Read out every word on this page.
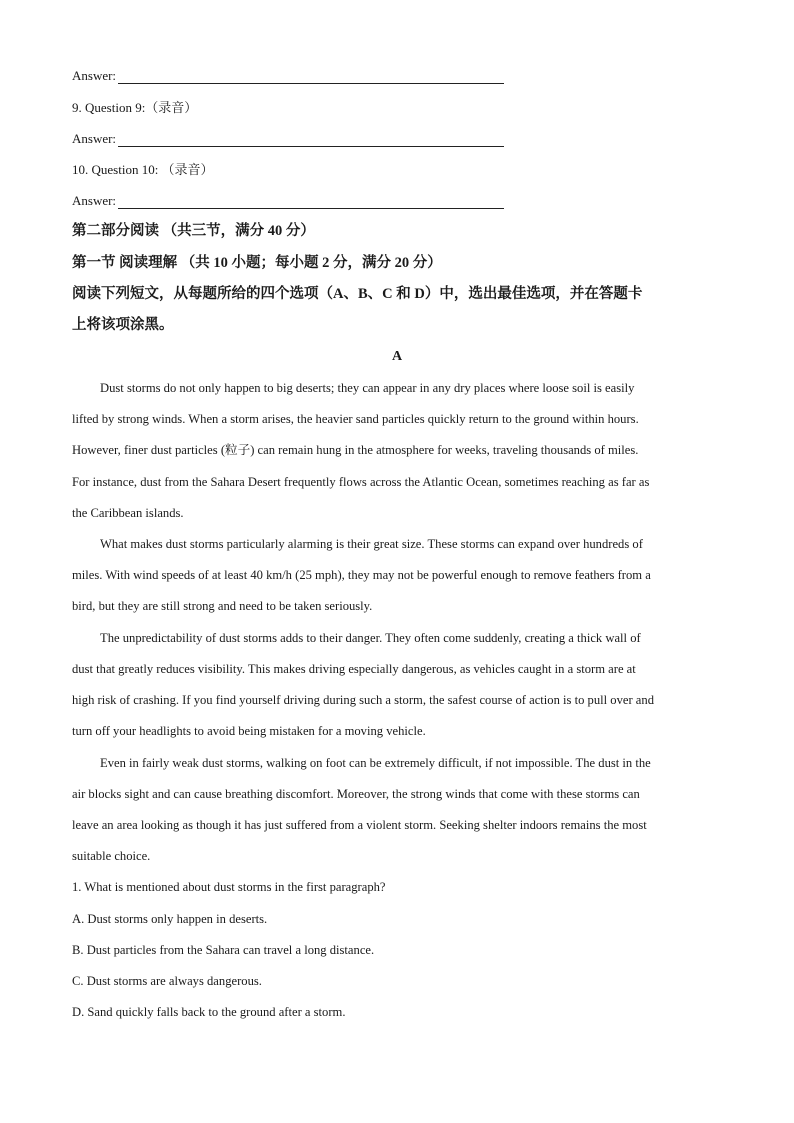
Answer:
9. Question 9:（录音）
Answer:
10. Question 10: （录音）
Answer:
第二部分阅读 （共三节，满分 40 分）
第一节 阅读理解 （共 10 小题；每小题 2 分，满分 20 分）
阅读下列短文，从每题所给的四个选项（A、B、C 和 D）中，选出最佳选项，并在答题卡
上将该项涂黑。
A
Dust storms do not only happen to big deserts; they can appear in any dry places where loose soil is easily
lifted by strong winds. When a storm arises, the heavier sand particles quickly return to the ground within hours.
However, finer dust particles (粒子) can remain hung in the atmosphere for weeks, traveling thousands of miles.
For instance, dust from the Sahara Desert frequently flows across the Atlantic Ocean, sometimes reaching as far as
the Caribbean islands.
What makes dust storms particularly alarming is their great size. These storms can expand over hundreds of
miles. With wind speeds of at least 40 km/h (25 mph), they may not be powerful enough to remove feathers from a
bird, but they are still strong and need to be taken seriously.
The unpredictability of dust storms adds to their danger. They often come suddenly, creating a thick wall of
dust that greatly reduces visibility. This makes driving especially dangerous, as vehicles caught in a storm are at
high risk of crashing. If you find yourself driving during such a storm, the safest course of action is to pull over and
turn off your headlights to avoid being mistaken for a moving vehicle.
Even in fairly weak dust storms, walking on foot can be extremely difficult, if not impossible. The dust in the
air blocks sight and can cause breathing discomfort. Moreover, the strong winds that come with these storms can
leave an area looking as though it has just suffered from a violent storm. Seeking shelter indoors remains the most
suitable choice.
1. What is mentioned about dust storms in the first paragraph?
A. Dust storms only happen in deserts.
B. Dust particles from the Sahara can travel a long distance.
C. Dust storms are always dangerous.
D. Sand quickly falls back to the ground after a storm.
